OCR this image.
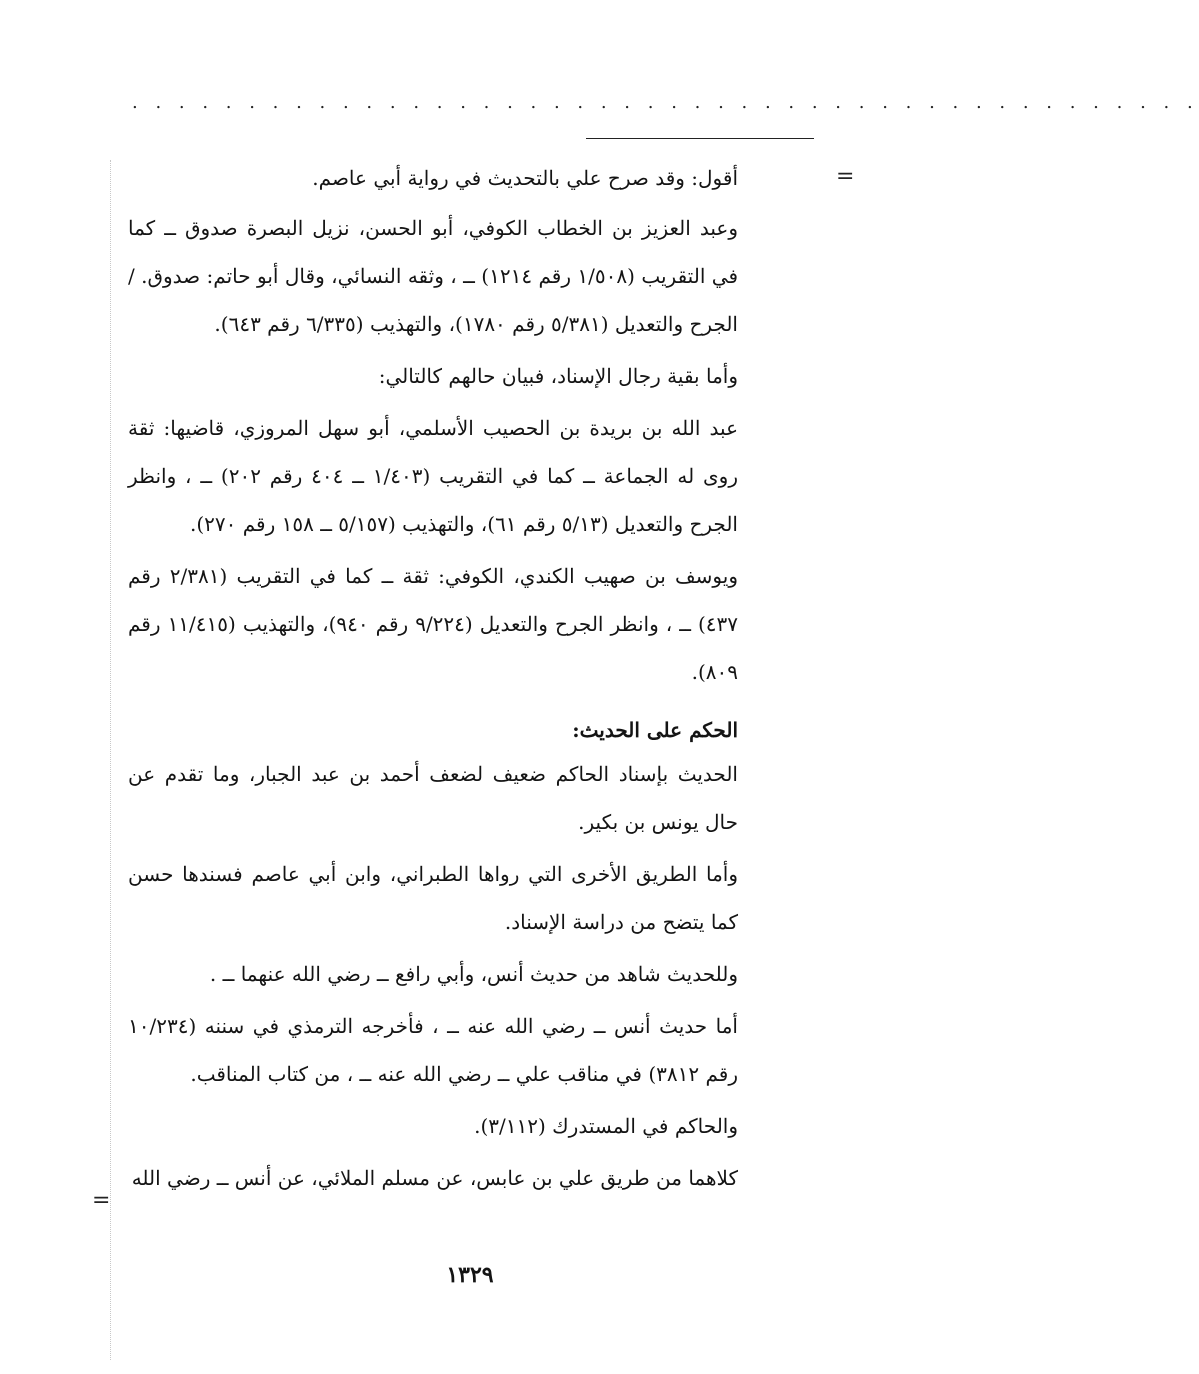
. . . . . . . . . . . . . . . . . . . . . . . . . . . . . . . . . . . . . . . . . . . . . .
=

أقول: وقد صرح علي بالتحديث في رواية أبي عاصم.

وعبد العزيز بن الخطاب الكوفي، أبو الحسن، نزيل البصرة صدوق ــ كما في التقريب (١/٥٠٨ رقم ١٢١٤) ــ ، وثقه النسائي، وقال أبو حاتم: صدوق. / الجرح والتعديل (٥/٣٨١ رقم ١٧٨٠)، والتهذيب (٦/٣٣٥ رقم ٦٤٣).

وأما بقية رجال الإسناد، فبيان حالهم كالتالي:

عبد الله بن بريدة بن الحصيب الأسلمي، أبو سهل المروزي، قاضيها: ثقة روى له الجماعة ــ كما في التقريب (١/٤٠٣ ــ ٤٠٤ رقم ٢٠٢) ــ ، وانظر الجرح والتعديل (٥/١٣ رقم ٦١)، والتهذيب (٥/١٥٧ ــ ١٥٨ رقم ٢٧٠).

ويوسف بن صهيب الكندي، الكوفي: ثقة ــ كما في التقريب (٢/٣٨١ رقم ٤٣٧) ــ ، وانظر الجرح والتعديل (٩/٢٢٤ رقم ٩٤٠)، والتهذيب (١١/٤١٥ رقم ٨٠٩).

الحكم على الحديث:

الحديث بإسناد الحاكم ضعيف لضعف أحمد بن عبد الجبار، وما تقدم عن حال يونس بن بكير.

وأما الطريق الأخرى التي رواها الطبراني، وابن أبي عاصم فسندها حسن كما يتضح من دراسة الإسناد.

وللحديث شاهد من حديث أنس، وأبي رافع ــ رضي الله عنهما ــ .

أما حديث أنس ــ رضي الله عنه ــ ، فأخرجه الترمذي في سننه (١٠/٢٣٤ رقم ٣٨١٢) في مناقب علي ــ رضي الله عنه ــ ، من كتاب المناقب.

والحاكم في المستدرك (٣/١١٢).

كلاهما من طريق علي بن عابس، عن مسلم الملائي، عن أنس ــ رضي الله

=
١٣٢٩
